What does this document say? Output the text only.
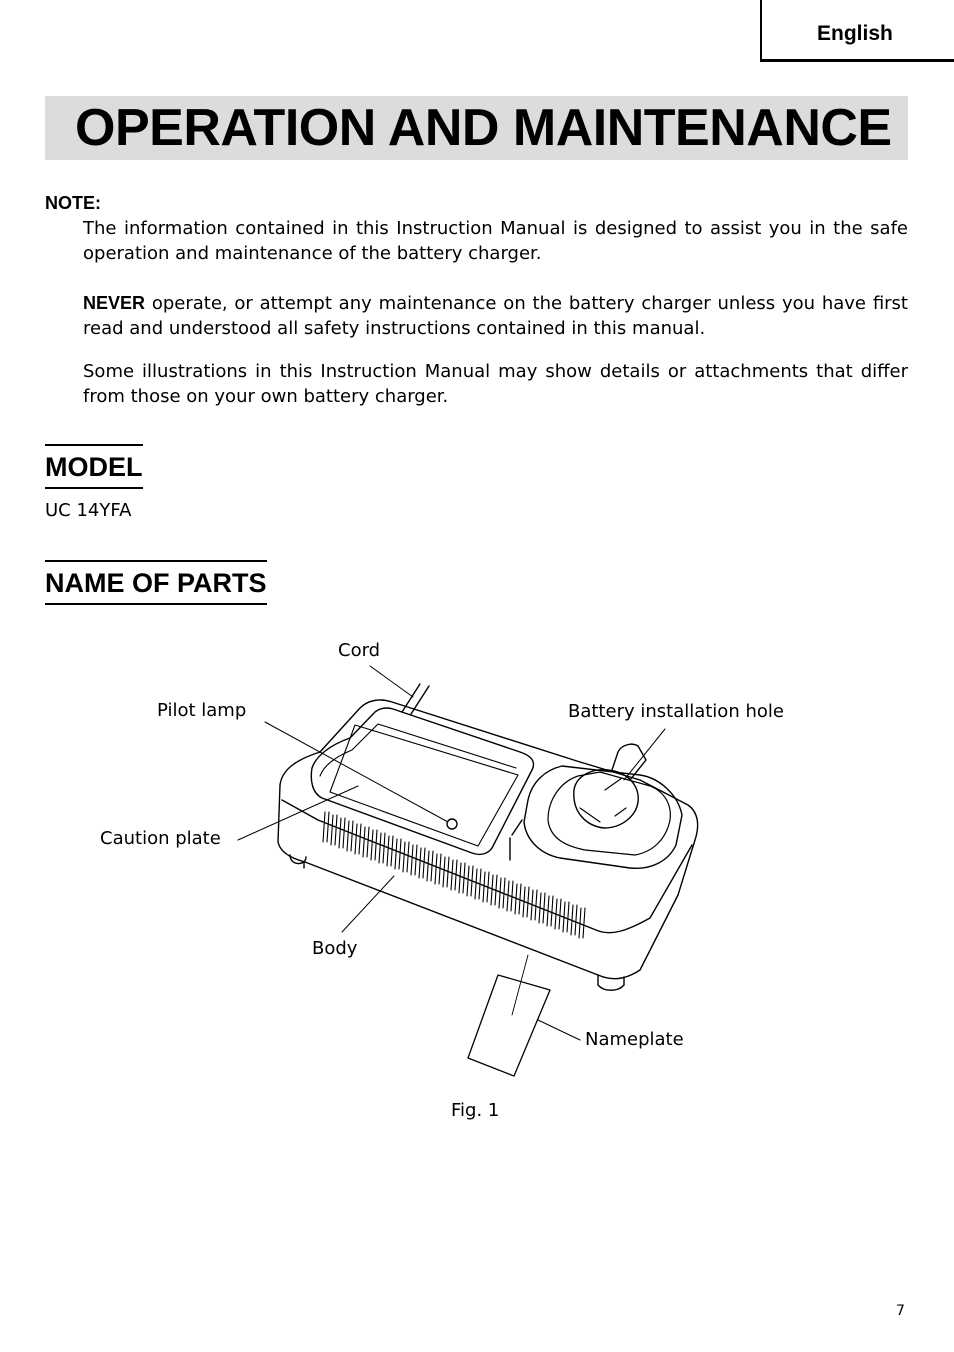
English
OPERATION AND MAINTENANCE
NOTE:
The information contained in this Instruction Manual is designed to assist you in the safe operation and maintenance of the battery charger.
NEVER operate, or attempt any maintenance on the battery charger unless you have first read and understood all safety instructions contained in this manual.
Some illustrations in this Instruction Manual may show details or attachments that differ from those on your own battery charger.
MODEL
UC 14YFA
NAME OF PARTS
Cord
Pilot lamp	Battery installation hole
Caution plate
Body
Nameplate
Fig. 1
7
